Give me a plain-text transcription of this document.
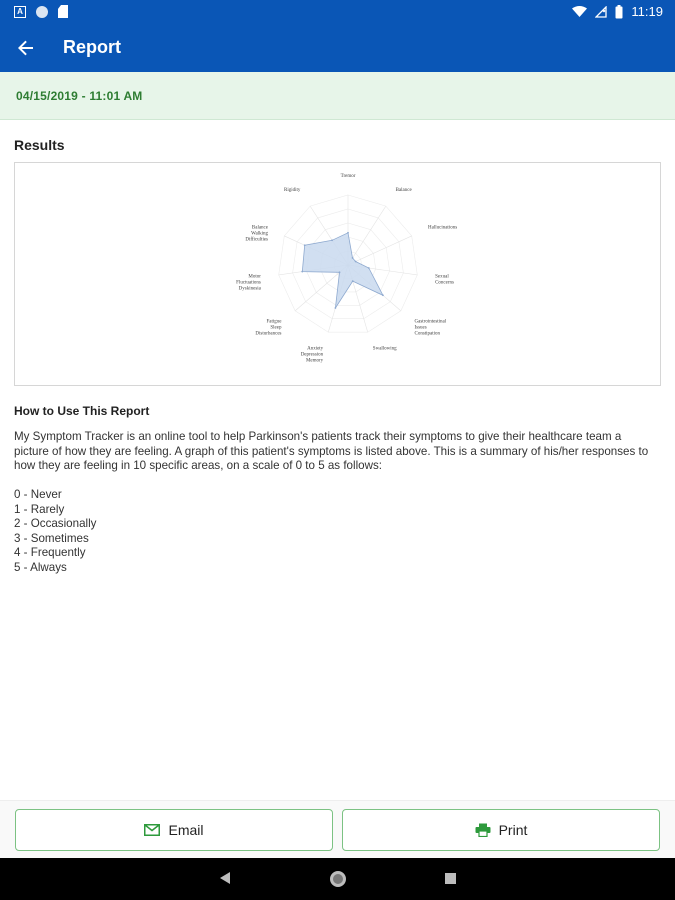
A	11:19
Report
04/15/2019 - 11:01 AM
Results
Tremor
Balance
Hallucinations
Sexual Concerns
Gastrointestinal Issues Constipation
Swallowing
Anxiety Depression Memory
Fatigue Sleep Disturbances
Motor Fluctuations Dyskinesia
Balance Walking Difficulties
Rigidity
How to Use This Report
My Symptom Tracker is an online tool to help Parkinson's patients track their symptoms to give their healthcare team a picture of how they are feeling. A graph of this patient's symptoms is listed above. This is a summary of his/her responses to how they are feeling in 10 specific areas, on a scale of 0 to 5 as follows:
0 - Never
1 - Rarely
2 - Occasionally
3 - Sometimes
4 - Frequently
5 - Always
Email	Print
